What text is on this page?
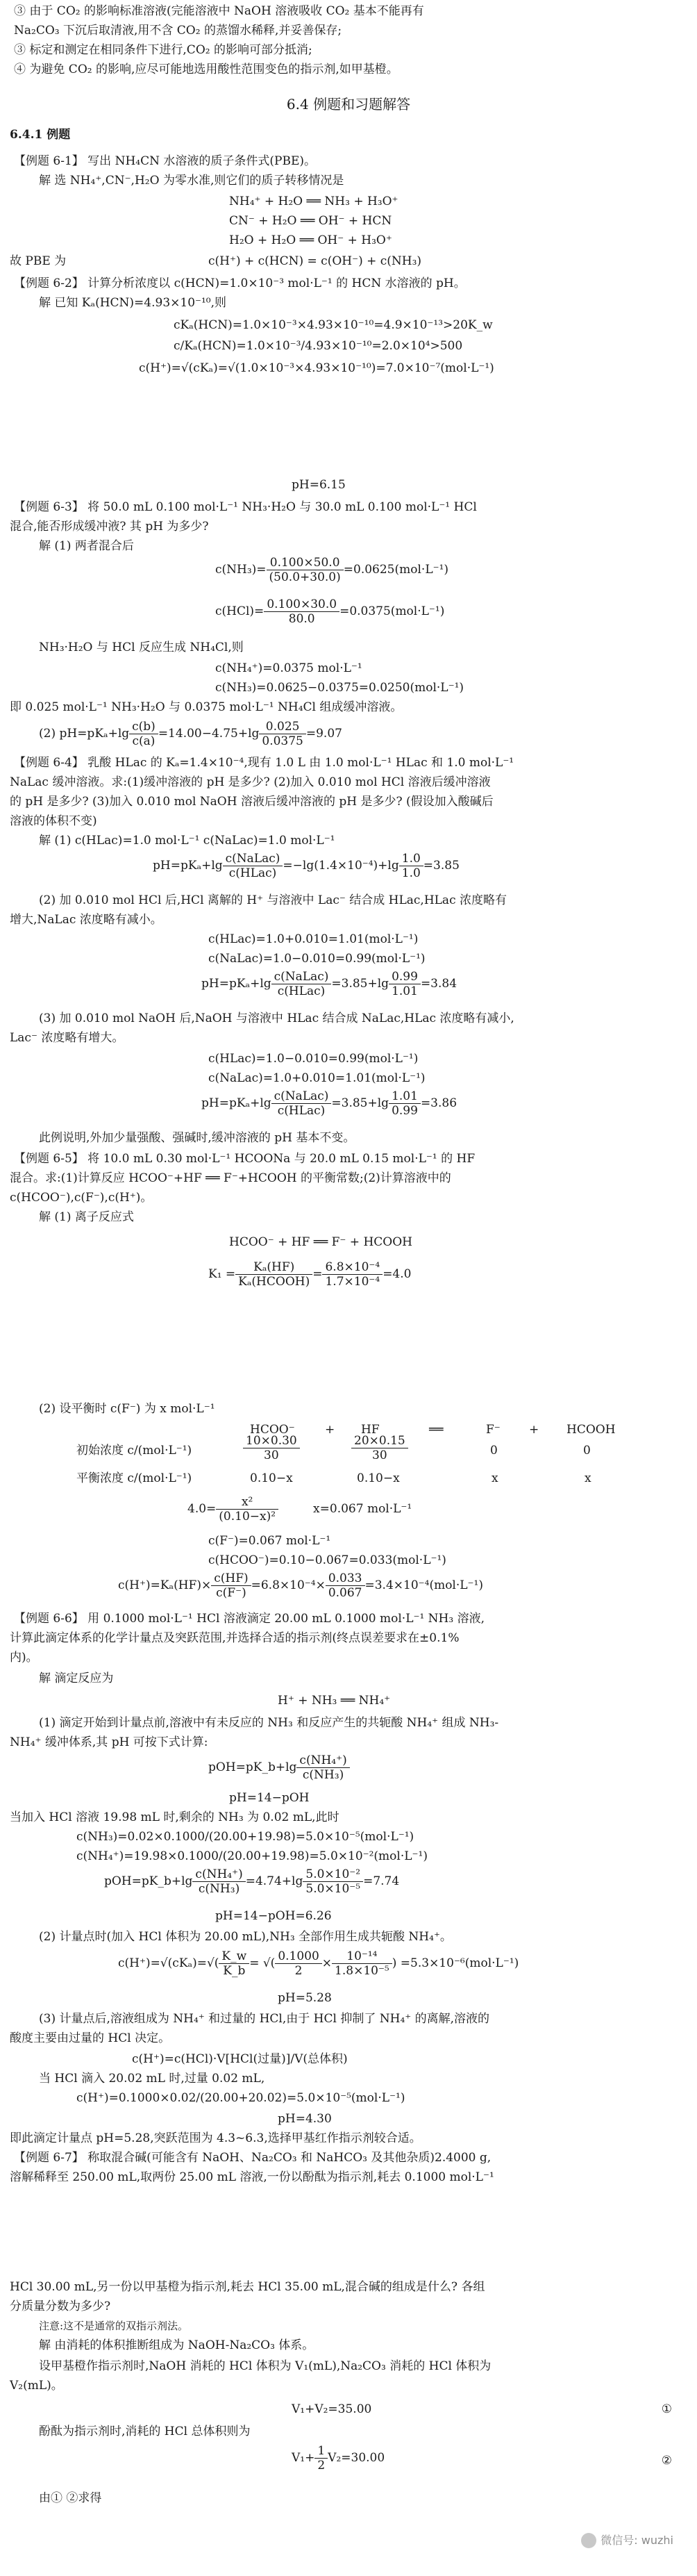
③ 由于 CO₂ 的影响标准溶液(完能溶液中 NaOH 溶液吸收 CO₂ 基本不能再有
Na₂CO₃ 下沉后取清液,用不含 CO₂ 的蒸馏水稀释,并妥善保存;
③ 标定和测定在相同条件下进行,CO₂ 的影响可部分抵消;
④ 为避免 CO₂ 的影响,应尽可能地选用酸性范围变色的指示剂,如甲基橙。
6.4 例题和习题解答
6.4.1 例题
【例题 6-1】 写出 NH₄CN 水溶液的质子条件式(PBE)。
解 选 NH₄⁺,CN⁻,H₂O 为零水准,则它们的质子转移情况是
NH₄⁺ + H₂O ══ NH₃ + H₃O⁺
CN⁻ + H₂O ══ OH⁻ + HCN
H₂O + H₂O ══ OH⁻ + H₃O⁺
故 PBE 为	c(H⁺) + c(HCN) = c(OH⁻) + c(NH₃)
【例题 6-2】 计算分析浓度以 c(HCN)=1.0×10⁻³ mol·L⁻¹ 的 HCN 水溶液的 pH。
解 已知 Kₐ(HCN)=4.93×10⁻¹⁰,则
cKₐ(HCN)=1.0×10⁻³×4.93×10⁻¹⁰=4.9×10⁻¹³>20K_w
c/Kₐ(HCN)=1.0×10⁻³/4.93×10⁻¹⁰=2.0×10⁴>500
c(H⁺)=√(cKₐ)=√(1.0×10⁻³×4.93×10⁻¹⁰)=7.0×10⁻⁷(mol·L⁻¹)
pH=6.15
【例题 6-3】 将 50.0 mL 0.100 mol·L⁻¹ NH₃·H₂O 与 30.0 mL 0.100 mol·L⁻¹ HCl
混合,能否形成缓冲液? 其 pH 为多少?
解 (1) 两者混合后
$c(NH_3)= \frac{0.100\times 50.0}{(50.0+30.0)} =0.0625(mol\cdot L^{-1})$
$c(HCl)= \frac{0.100\times 30.0}{80.0} =0.0375(mol\cdot L^{-1})$
NH₃·H₂O 与 HCl 反应生成 NH₄Cl,则
c(NH₄⁺)=0.0375 mol·L⁻¹
c(NH₃)=0.0625−0.0375=0.0250(mol·L⁻¹)
即 0.025 mol·L⁻¹ NH₃·H₂O 与 0.0375 mol·L⁻¹ NH₄Cl 组成缓冲溶液。
(2) $pH=pK_a+\lg \frac{c(b)}{c(a)} =14.00-4.75+\lg \frac{0.025}{0.0375} =9.07$
【例题 6-4】 乳酸 HLac 的 Kₐ=1.4×10⁻⁴,现有 1.0 L 由 1.0 mol·L⁻¹ HLac 和 1.0 mol·L⁻¹
NaLac 缓冲溶液。求:(1)缓冲溶液的 pH 是多少? (2)加入 0.010 mol HCl 溶液后缓冲溶液
的 pH 是多少? (3)加入 0.010 mol NaOH 溶液后缓冲溶液的 pH 是多少? (假设加入酸碱后
溶液的体积不变)
解 (1) c(HLac)=1.0 mol·L⁻¹ c(NaLac)=1.0 mol·L⁻¹
$pH=pK_a+\lg \frac{\text{c(NaLac)}}{\text{c(HLac)}} =-\lg(1.4\times 10^{-4})+\lg \frac{1.0}{1.0} =3.85$
(2) 加 0.010 mol HCl 后,HCl 离解的 H⁺ 与溶液中 Lac⁻ 结合成 HLac,HLac 浓度略有
增大,NaLac 浓度略有减小。
c(HLac)=1.0+0.010=1.01(mol·L⁻¹)
c(NaLac)=1.0−0.010=0.99(mol·L⁻¹)
$pH=pK_a+\lg \frac{\text{c(NaLac)}}{\text{c(HLac)}} =3.85+\lg \frac{0.99}{1.01} =3.84$
(3) 加 0.010 mol NaOH 后,NaOH 与溶液中 HLac 结合成 NaLac,HLac 浓度略有减小,
Lac⁻ 浓度略有增大。
c(HLac)=1.0−0.010=0.99(mol·L⁻¹)
c(NaLac)=1.0+0.010=1.01(mol·L⁻¹)
$pH=pK_a+\lg \frac{\text{c(NaLac)}}{\text{c(HLac)}} =3.85+\lg \frac{1.01}{0.99} =3.86$
此例说明,外加少量强酸、强碱时,缓冲溶液的 pH 基本不变。
【例题 6-5】 将 10.0 mL 0.30 mol·L⁻¹ HCOONa 与 20.0 mL 0.15 mol·L⁻¹ 的 HF
混合。求:(1)计算反应 HCOO⁻+HF ══ F⁻+HCOOH 的平衡常数;(2)计算溶液中的
c(HCOO⁻),c(F⁻),c(H⁺)。
解 (1) 离子反应式
HCOO⁻ + HF ══ F⁻ + HCOOH
$K_1 = \frac{\text{Kₐ(HF)}}{\text{Kₐ(HCOOH)}} = \frac{\text{6.8×10⁻⁴}}{\text{1.7×10⁻⁴}} =4.0$
(2) 设平衡时 c(F⁻) 为 x mol·L⁻¹
HCOO⁻	+ HF	══	F⁻ + HCOOH
初始浓度 c/(mol·L⁻¹)	$\frac{10\times 0.30}{30}$	$\frac{20\times 0.15}{30}$	0	0
平衡浓度 c/(mol·L⁻¹)	0.10−x	0.10−x	x	x
$4.0= \frac{\text{x²}}{\text{(0.10−x)²}}$	x=0.067 mol·L⁻¹
c(F⁻)=0.067 mol·L⁻¹
c(HCOO⁻)=0.10−0.067=0.033(mol·L⁻¹)
$c(H^+)=K_a(HF)\times \frac{c(HF)}{c(F^-)} =6.8\times 10^{-4}\times \frac{0.033}{0.067} =3.4\times 10^{-4}(mol\cdot L^{-1})$
【例题 6-6】 用 0.1000 mol·L⁻¹ HCl 溶液滴定 20.00 mL 0.1000 mol·L⁻¹ NH₃ 溶液,
计算此滴定体系的化学计量点及突跃范围,并选择合适的指示剂(终点误差要求在±0.1%
内)。
解 滴定反应为
H⁺ + NH₃ ══ NH₄⁺
(1) 滴定开始到计量点前,溶液中有未反应的 NH₃ 和反应产生的共轭酸 NH₄⁺ 组成 NH₃-
NH₄⁺ 缓冲体系,其 pH 可按下式计算:
pOH=pK_b+lg $\frac{\text{c(NH₄⁺)}}{\text{c(NH₃)}}$
pH=14−pOH
当加入 HCl 溶液 19.98 mL 时,剩余的 NH₃ 为 0.02 mL,此时
c(NH₃)=0.02×0.1000/(20.00+19.98)=5.0×10⁻⁵(mol·L⁻¹)
c(NH₄⁺)=19.98×0.1000/(20.00+19.98)=5.0×10⁻²(mol·L⁻¹)
pOH=pK_b+lg $\frac{\text{c(NH₄⁺)}}{\text{c(NH₃)}} =4.74+\lg \frac{\text{5.0×10⁻²}}{\text{5.0×10⁻⁵}} =7.74$
pH=14−pOH=6.26
(2) 计量点时(加入 HCl 体积为 20.00 mL),NH₃ 全部作用生成共轭酸 NH₄⁺。
$c(H^+)=√(cK_a)=√( \frac{K\_w}{K\_b}$ = √( $\frac{0.1000}{2} \times \frac{\text{10⁻¹⁴}}{\text{1.8×10⁻⁵}}$ ) =5.3×10⁻⁶(mol·L⁻¹)
pH=5.28
(3) 计量点后,溶液组成为 NH₄⁺ 和过量的 HCl,由于 HCl 抑制了 NH₄⁺ 的离解,溶液的
酸度主要由过量的 HCl 决定。
c(H⁺)=c(HCl)·V[HCl(过量)]/V(总体积)
当 HCl 滴入 20.02 mL 时,过量 0.02 mL,
c(H⁺)=0.1000×0.02/(20.00+20.02)=5.0×10⁻⁵(mol·L⁻¹)
pH=4.30
即此滴定计量点 pH=5.28,突跃范围为 4.3~6.3,选择甲基红作指示剂较合适。
【例题 6-7】 称取混合碱(可能含有 NaOH、Na₂CO₃ 和 NaHCO₃ 及其他杂质)2.4000 g,
溶解稀释至 250.00 mL,取两份 25.00 mL 溶液,一份以酚酞为指示剂,耗去 0.1000 mol·L⁻¹
HCl 30.00 mL,另一份以甲基橙为指示剂,耗去 HCl 35.00 mL,混合碱的组成是什么? 各组
分质量分数为多少?
注意:这不是通常的双指示剂法。
解 由消耗的体积推断组成为 NaOH-Na₂CO₃ 体系。
设甲基橙作指示剂时,NaOH 消耗的 HCl 体积为 V₁(mL),Na₂CO₃ 消耗的 HCl 体积为
V₂(mL)。
V₁+V₂=35.00	①
酚酞为指示剂时,消耗的 HCl 总体积则为
$V_1+ \frac{1}{2} V_2=30.00$	②
由① ②求得
微信号: wuzhi
